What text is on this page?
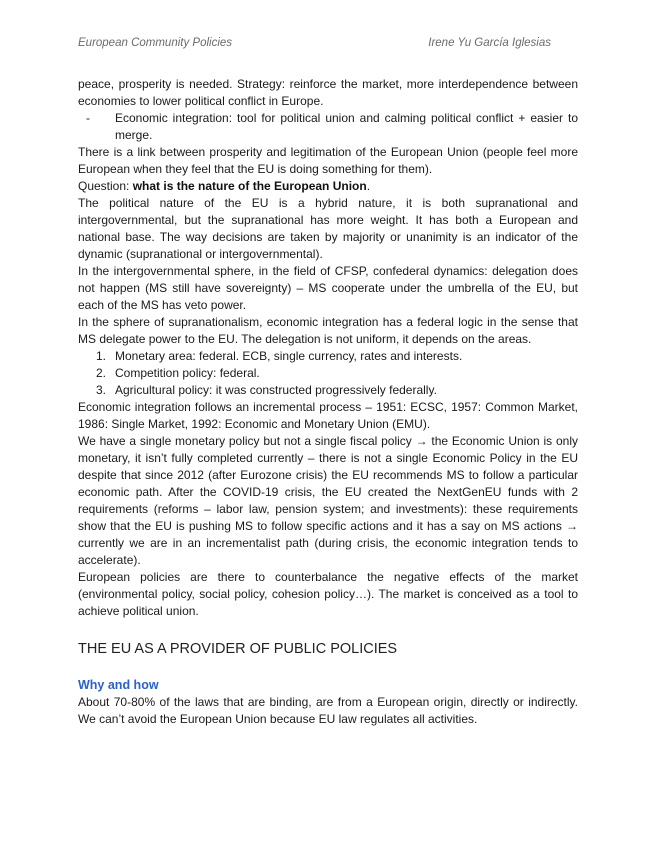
European Community Policies	Irene Yu García Iglesias

peace, prosperity is needed. Strategy: reinforce the market, more interdependence between economies to lower political conflict in Europe.

- Economic integration: tool for political union and calming political conflict + easier to merge.

There is a link between prosperity and legitimation of the European Union (people feel more European when they feel that the EU is doing something for them).

Question: what is the nature of the European Union.

The political nature of the EU is a hybrid nature, it is both supranational and intergovernmental, but the supranational has more weight. It has both a European and national base. The way decisions are taken by majority or unanimity is an indicator of the dynamic (supranational or intergovernmental).

In the intergovernmental sphere, in the field of CFSP, confederal dynamics: delegation does not happen (MS still have sovereignty) – MS cooperate under the umbrella of the EU, but each of the MS has veto power.

In the sphere of supranationalism, economic integration has a federal logic in the sense that MS delegate power to the EU. The delegation is not uniform, it depends on the areas.

1. Monetary area: federal. ECB, single currency, rates and interests.
2. Competition policy: federal.
3. Agricultural policy: it was constructed progressively federally.

Economic integration follows an incremental process – 1951: ECSC, 1957: Common Market, 1986: Single Market, 1992: Economic and Monetary Union (EMU).

We have a single monetary policy but not a single fiscal policy → the Economic Union is only monetary, it isn’t fully completed currently – there is not a single Economic Policy in the EU despite that since 2012 (after Eurozone crisis) the EU recommends MS to follow a particular economic path. After the COVID-19 crisis, the EU created the NextGenEU funds with 2 requirements (reforms – labor law, pension system; and investments): these requirements show that the EU is pushing MS to follow specific actions and it has a say on MS actions → currently we are in an incrementalist path (during crisis, the economic integration tends to accelerate).

European policies are there to counterbalance the negative effects of the market (environmental policy, social policy, cohesion policy…). The market is conceived as a tool to achieve political union.

THE EU AS A PROVIDER OF PUBLIC POLICIES
Why and how

About 70-80% of the laws that are binding, are from a European origin, directly or indirectly. We can’t avoid the European Union because EU law regulates all activities.
